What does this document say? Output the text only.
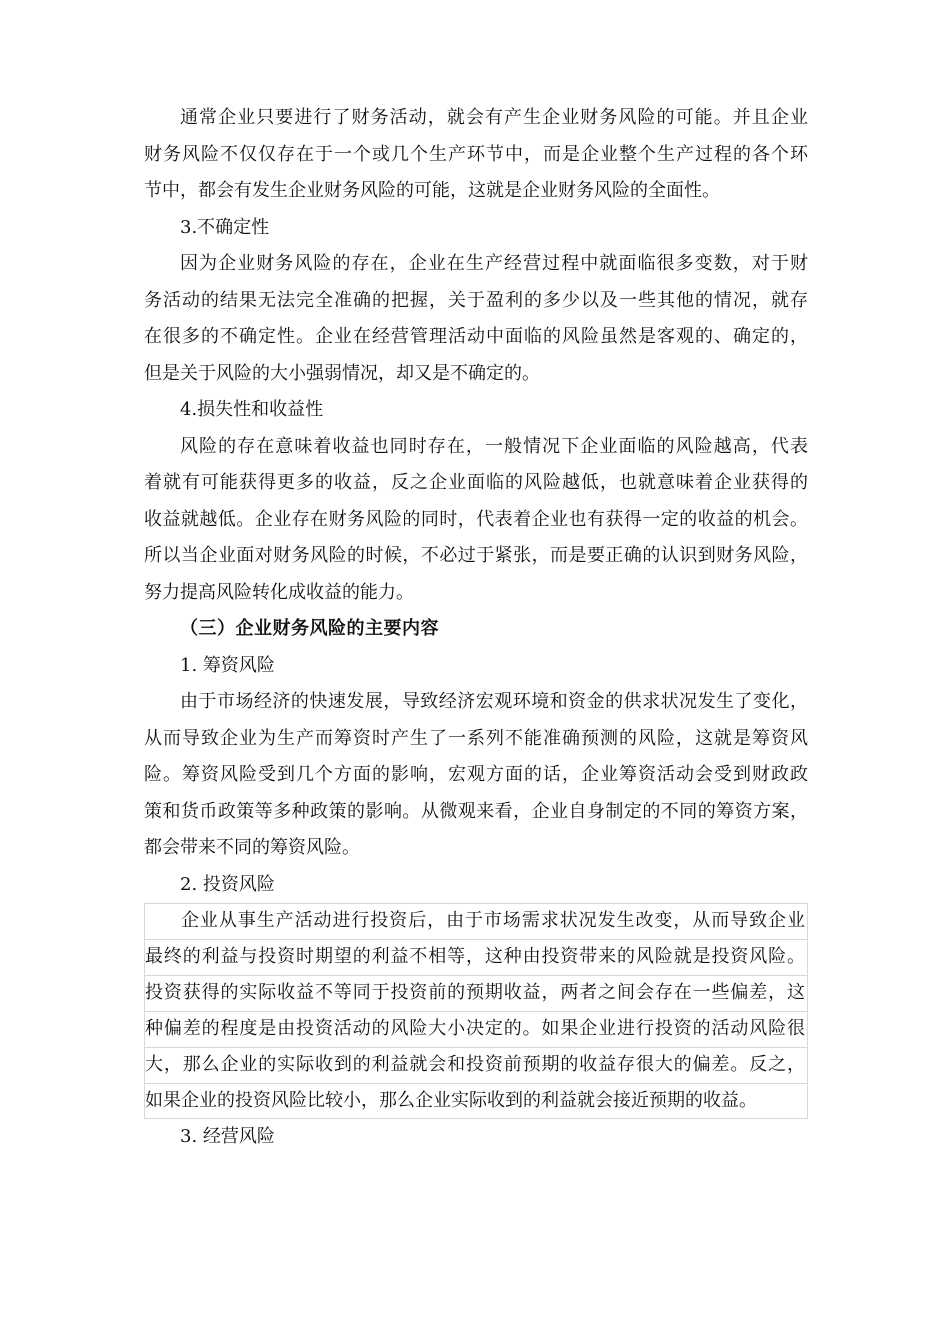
通常企业只要进行了财务活动，就会有产生企业财务风险的可能。并且企业
财务风险不仅仅存在于一个或几个生产环节中，而是企业整个生产过程的各个环
节中，都会有发生企业财务风险的可能，这就是企业财务风险的全面性。
3.不确定性
因为企业财务风险的存在，企业在生产经营过程中就面临很多变数，对于财
务活动的结果无法完全准确的把握，关于盈利的多少以及一些其他的情况，就存
在很多的不确定性。企业在经营管理活动中面临的风险虽然是客观的、确定的，
但是关于风险的大小强弱情况，却又是不确定的。
4.损失性和收益性
风险的存在意味着收益也同时存在，一般情况下企业面临的风险越高，代表
着就有可能获得更多的收益，反之企业面临的风险越低，也就意味着企业获得的
收益就越低。企业存在财务风险的同时，代表着企业也有获得一定的收益的机会。
所以当企业面对财务风险的时候，不必过于紧张，而是要正确的认识到财务风险，
努力提高风险转化成收益的能力。
（三）企业财务风险的主要内容
1. 筹资风险
由于市场经济的快速发展，导致经济宏观环境和资金的供求状况发生了变化，
从而导致企业为生产而筹资时产生了一系列不能准确预测的风险，这就是筹资风
险。筹资风险受到几个方面的影响，宏观方面的话，企业筹资活动会受到财政政
策和货币政策等多种政策的影响。从微观来看，企业自身制定的不同的筹资方案，
都会带来不同的筹资风险。
2. 投资风险
企业从事生产活动进行投资后，由于市场需求状况发生改变，从而导致企业
最终的利益与投资时期望的利益不相等，这种由投资带来的风险就是投资风险。
投资获得的实际收益不等同于投资前的预期收益，两者之间会存在一些偏差，这
种偏差的程度是由投资活动的风险大小决定的。如果企业进行投资的活动风险很
大，那么企业的实际收到的利益就会和投资前预期的收益存很大的偏差。反之，
如果企业的投资风险比较小，那么企业实际收到的利益就会接近预期的收益。
3. 经营风险
